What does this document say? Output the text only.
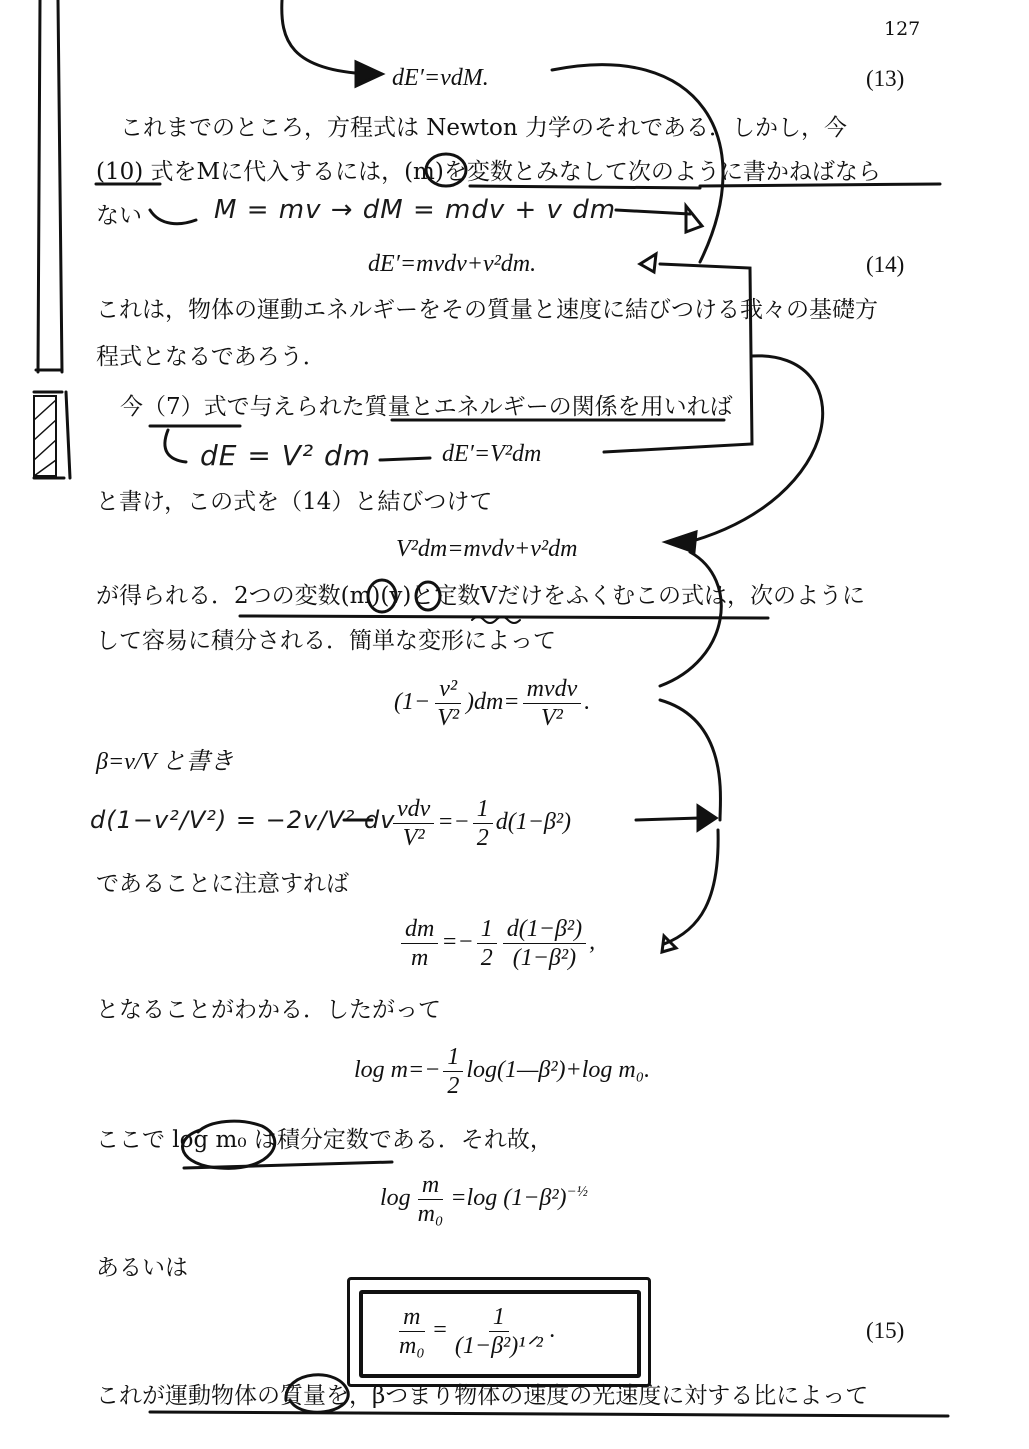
127
dE′=vdM.	(13)
これまでのところ，方程式は Newton 力学のそれである．しかし，今
(10) 式をMに代入するには，(m)を変数とみなして次のように書かねばなら
ない	M = mv → dM = mdv + v dm
dE′=mvdv+v²dm.	(14)
これは，物体の運動エネルギーをその質量と速度に結びつける我々の基礎方
程式となるであろう．
今（7）式で与えられた質量とエネルギーの関係を用いれば
dE = V² dm	dE′=V²dm
と書け，この式を（14）と結びつけて
V²dm=mvdv+v²dm
が得られる．2つの変数(m)(v)と定数Vだけをふくむこの式は，次のように
して容易に積分される．簡単な変形によって
$(1- \frac{\text{v²}}{\text{V²}} )dm= \frac{\text{mvdv}}{\text{V²}}$ .
β=v/V と書き
d(1−v²/V²) = −2v/V² dv
$\frac{\text{vdv}}{\text{V²}} =- \frac{1}{2} d(1-\beta^2)$
であることに注意すれば
$\frac{dm}{m} =- \frac{1}{2} \frac{\text{d(1−β²)}}{\text{(1−β²)}}$ ,
となることがわかる．したがって
$\log m=- \frac{1}{2}$ log(1—β²)+log m₀.
ここで log m₀ は積分定数である．それ故，
$\log \frac{m}{\text{m₀}} =\log$ $(1-\beta^2)^{-\frac{1}{2}}$
あるいは
$\frac{m}{\text{m₀}} = \frac{1}{\text{(1−β²)¹ᐟ²}}$ .	(15)
これが運動物体の質量を，βつまり物体の速度の光速度に対する比によって
